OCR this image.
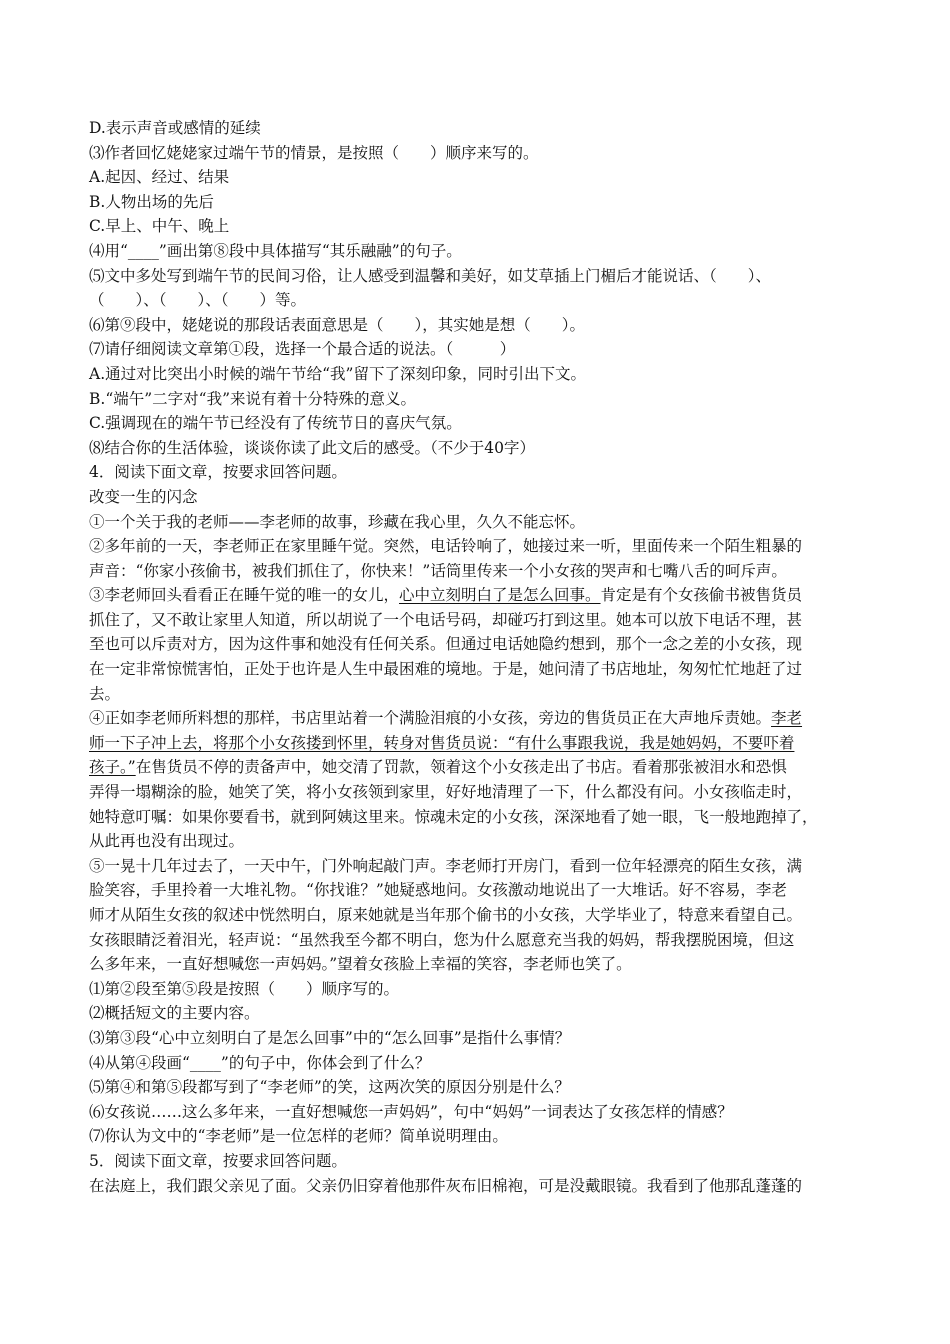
D.表示声音或感情的延续
⑶作者回忆姥姥家过端午节的情景，是按照（　　）顺序来写的。
A.起因、经过、结果
B.人物出场的先后
C.早上、中午、晚上
⑷用“____”画出第⑧段中具体描写“其乐融融”的句子。
⑸文中多处写到端午节的民间习俗，让人感受到温馨和美好，如艾草插上门楣后才能说话、（　　）、
（　　）、（　　）、（　　）等。
⑹第⑨段中，姥姥说的那段话表面意思是（　　），其实她是想（　　）。
⑺请仔细阅读文章第①段，选择一个最合适的说法。（　　　）
A.通过对比突出小时候的端午节给“我”留下了深刻印象，同时引出下文。
B.“端午”二字对“我”来说有着十分特殊的意义。
C.强调现在的端午节已经没有了传统节日的喜庆气氛。
⑻结合你的生活体验，谈谈你读了此文后的感受。（不少于40字）
4．阅读下面文章，按要求回答问题。
改变一生的闪念
①一个关于我的老师——李老师的故事，珍藏在我心里，久久不能忘怀。
②多年前的一天，李老师正在家里睡午觉。突然，电话铃响了，她接过来一听，里面传来一个陌生粗暴的
声音：“你家小孩偷书，被我们抓住了，你快来！”话筒里传来一个小女孩的哭声和七嘴八舌的呵斥声。
③李老师回头看看正在睡午觉的唯一的女儿，心中立刻明白了是怎么回事。肯定是有个女孩偷书被售货员
抓住了，又不敢让家里人知道，所以胡说了一个电话号码，却碰巧打到这里。她本可以放下电话不理，甚
至也可以斥责对方，因为这件事和她没有任何关系。但通过电话她隐约想到，那个一念之差的小女孩，现
在一定非常惊慌害怕，正处于也许是人生中最困难的境地。于是，她问清了书店地址，匆匆忙忙地赶了过
去。
④正如李老师所料想的那样，书店里站着一个满脸泪痕的小女孩，旁边的售货员正在大声地斥责她。李老
师一下子冲上去，将那个小女孩搂到怀里，转身对售货员说：“有什么事跟我说，我是她妈妈，不要吓着
孩子。”在售货员不停的责备声中，她交清了罚款，领着这个小女孩走出了书店。看着那张被泪水和恐惧
弄得一塌糊涂的脸，她笑了笑，将小女孩领到家里，好好地清理了一下，什么都没有问。小女孩临走时，
她特意叮嘱：如果你要看书，就到阿姨这里来。惊魂未定的小女孩，深深地看了她一眼，飞一般地跑掉了，
从此再也没有出现过。
⑤一晃十几年过去了，一天中午，门外响起敲门声。李老师打开房门，看到一位年轻漂亮的陌生女孩，满
脸笑容，手里拎着一大堆礼物。“你找谁？”她疑惑地问。女孩激动地说出了一大堆话。好不容易，李老
师才从陌生女孩的叙述中恍然明白，原来她就是当年那个偷书的小女孩，大学毕业了，特意来看望自己。
女孩眼睛泛着泪光，轻声说：“虽然我至今都不明白，您为什么愿意充当我的妈妈，帮我摆脱困境，但这
么多年来，一直好想喊您一声妈妈。”望着女孩脸上幸福的笑容，李老师也笑了。
⑴第②段至第⑤段是按照（　　）顺序写的。
⑵概括短文的主要内容。
⑶第③段“心中立刻明白了是怎么回事”中的“怎么回事”是指什么事情？
⑷从第④段画“____”的句子中，你体会到了什么？
⑸第④和第⑤段都写到了“李老师”的笑，这两次笑的原因分别是什么？
⑹女孩说……这么多年来，一直好想喊您一声妈妈”，句中“妈妈”一词表达了女孩怎样的情感？
⑺你认为文中的“李老师”是一位怎样的老师？简单说明理由。
5．阅读下面文章，按要求回答问题。
在法庭上，我们跟父亲见了面。父亲仍旧穿着他那件灰布旧棉袍，可是没戴眼镜。我看到了他那乱蓬蓬的
